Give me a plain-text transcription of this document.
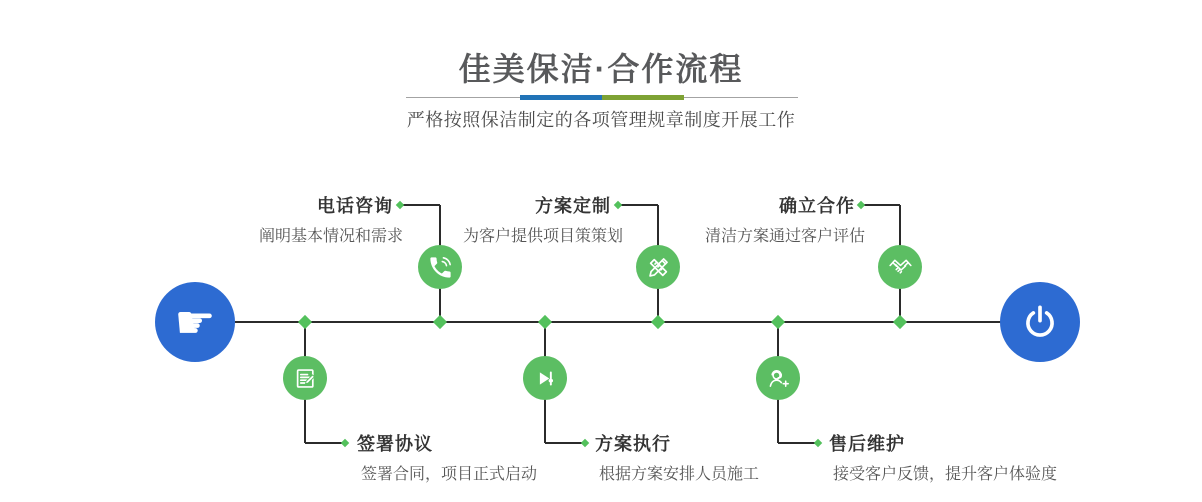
佳美保洁·合作流程
严格按照保洁制定的各项管理规章制度开展工作
☛
电话咨询
阐明基本情况和需求
签署协议
签署合同，项目正式启动
方案定制
为客户提供项目策策划
方案执行
根据方案安排人员施工
确立合作
清洁方案通过客户评估
售后维护
接受客户反馈，提升客户体验度
